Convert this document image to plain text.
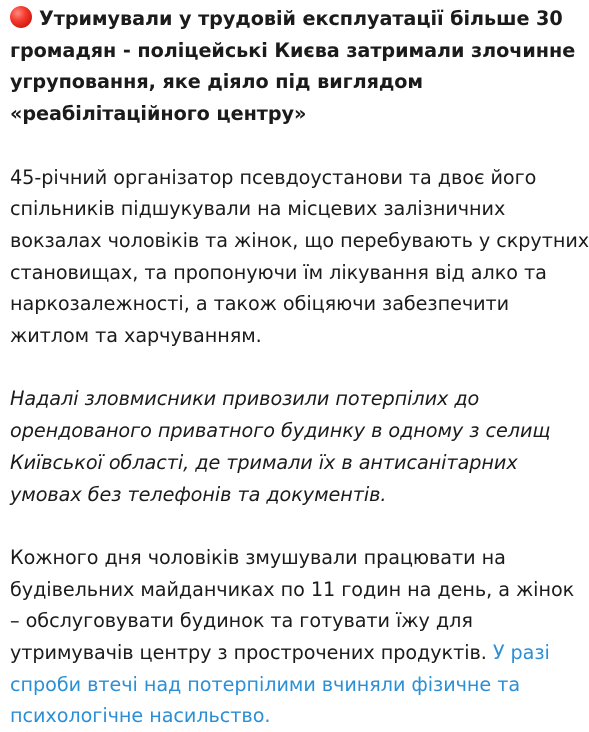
Утримували у трудовій експлуатації більше 30
громадян - поліцейські Києва затримали злочинне
угруповання, яке діяло під виглядом
«реабілітаційного центру»

45-річний організатор псевдоустанови та двоє його
спільників підшукували на місцевих залізничних
вокзалах чоловіків та жінок, що перебувають у скрутних
становищах, та пропонуючи їм лікування від алко та
наркозалежності, а також обіцяючи забезпечити
житлом та харчуванням.

Надалі зловмисники привозили потерпілих до
орендованого приватного будинку в одному з селищ
Київської області, де тримали їх в антисанітарних
умовах без телефонів та документів.

Кожного дня чоловіків змушували працювати на
будівельних майданчиках по 11 годин на день, а жінок
– обслуговувати будинок та готувати їжу для
утримувачів центру з прострочених продуктів. У разі
спроби втечі над потерпілими вчиняли фізичне та
психологічне насильство.
